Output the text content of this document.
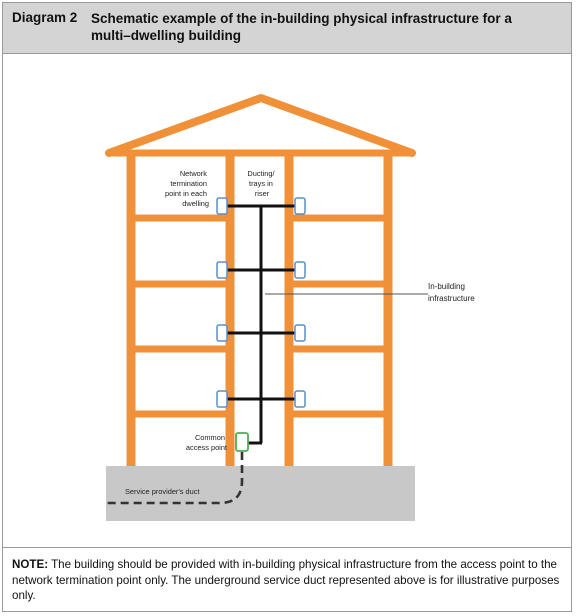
Diagram 2 Schematic example of the in-building physical infrastructure for a multi–dwelling building
Network termination point in each dwelling
Ducting/ trays in riser
In-building infrastructure
Common access point
Service provider's duct
NOTE: The building should be provided with in-building physical infrastructure from the access point to the network termination point only. The underground service duct represented above is for illustrative purposes only.
